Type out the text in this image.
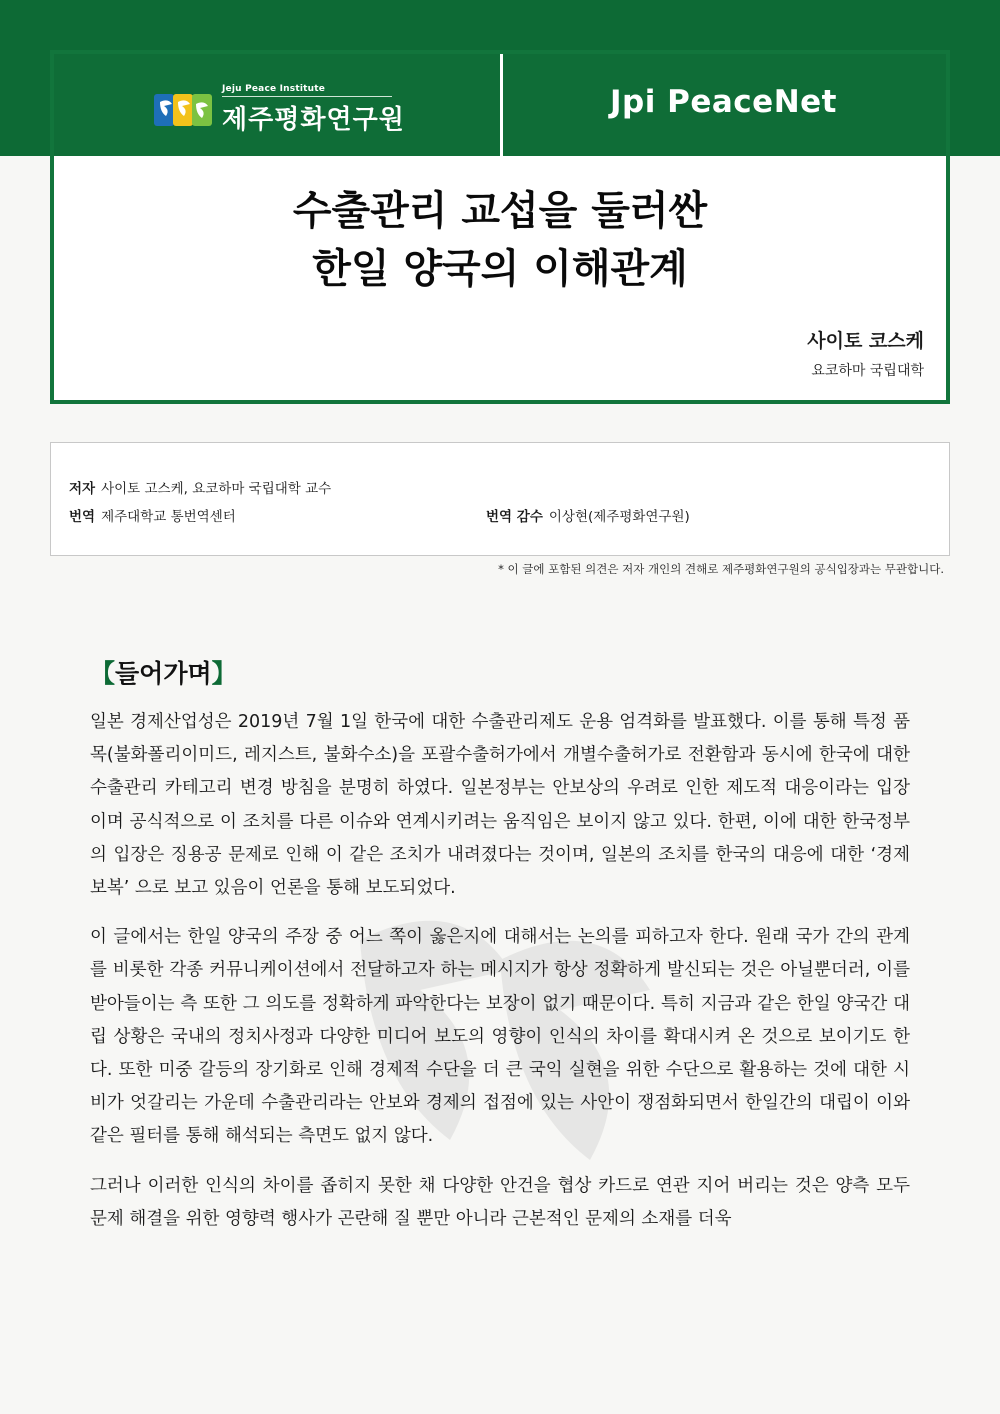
Jeju Peace Institute
제주평화연구원	Jpi PeaceNet
수출관리 교섭을 둘러싼
한일 양국의 이해관계
사이토 코스케
요코하마 국립대학
저자 사이토 고스케, 요코하마 국립대학 교수
번역 제주대학교 통번역센터	번역 감수 이상현(제주평화연구원)
* 이 글에 포함된 의견은 저자 개인의 견해로 제주평화연구원의 공식입장과는 무관합니다.
【들어가며】

일본 경제산업성은 2019년 7월 1일 한국에 대한 수출관리제도 운용 엄격화를 발표했다. 이를 통해 특정 품목(불화폴리이미드, 레지스트, 불화수소)을 포괄수출허가에서 개별수출허가로 전환함과 동시에 한국에 대한 수출관리 카테고리 변경 방침을 분명히 하였다. 일본정부는 안보상의 우려로 인한 제도적 대응이라는 입장 이며 공식적으로 이 조치를 다른 이슈와 연계시키려는 움직임은 보이지 않고 있다. 한편, 이에 대한 한국정부의 입장은 징용공 문제로 인해 이 같은 조치가 내려졌다는 것이며, 일본의 조치를 한국의 대응에 대한 ‘경제 보복’ 으로 보고 있음이 언론을 통해 보도되었다.

이 글에서는 한일 양국의 주장 중 어느 쪽이 옳은지에 대해서는 논의를 피하고자 한다. 원래 국가 간의 관계를 비롯한 각종 커뮤니케이션에서 전달하고자 하는 메시지가 항상 정확하게 발신되는 것은 아닐뿐더러, 이를 받아들이는 측 또한 그 의도를 정확하게 파악한다는 보장이 없기 때문이다. 특히 지금과 같은 한일 양국간 대립 상황은 국내의 정치사정과 다양한 미디어 보도의 영향이 인식의 차이를 확대시켜 온 것으로 보이기도 한다. 또한 미중 갈등의 장기화로 인해 경제적 수단을 더 큰 국익 실현을 위한 수단으로 활용하는 것에 대한 시비가 엇갈리는 가운데 수출관리라는 안보와 경제의 접점에 있는 사안이 쟁점화되면서 한일간의 대립이 이와 같은 필터를 통해 해석되는 측면도 없지 않다.

그러나 이러한 인식의 차이를 좁히지 못한 채 다양한 안건을 협상 카드로 연관 지어 버리는 것은 양측 모두 문제 해결을 위한 영향력 행사가 곤란해 질 뿐만 아니라 근본적인 문제의 소재를 더욱
